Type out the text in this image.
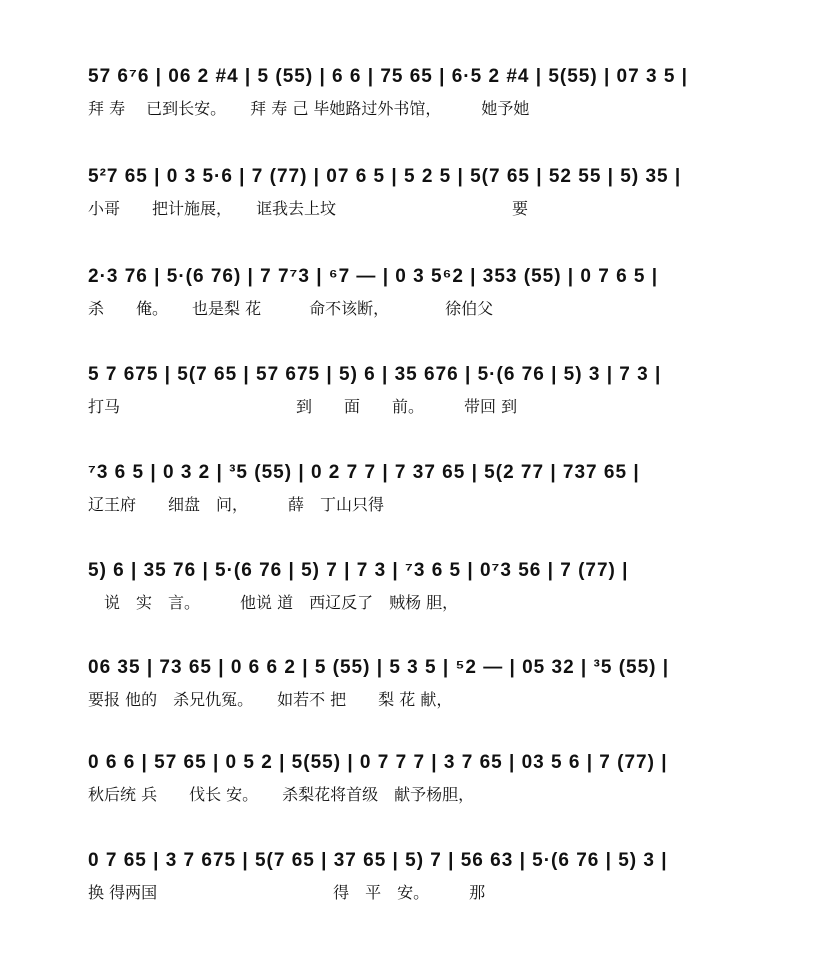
57 6⁷6 | 06 2 #4 | 5 (55) | 6 6 | 75 65 | 6·5 2 #4 | 5(55) | 07 3 5 |
拜 寿 　已到长安。　　拜 寿 己 毕她路过外书馆，　　　她予她
5²7 65 | 0 3 5·6 | 7 (77) | 07 6 5 | 5 2 5 | 5(7 65 | 52 55 | 5) 35 |
小哥　　把计施展，　　诓我去上坟　　　　　　　　　　　要
2·3 76 | 5·(6 76) | 7 7⁷3 | ⁶7 — | 0 3 5⁶2 | 353 (55) | 0 7 6 5 |
杀　　俺。　　也是梨 花　　　命不该断，　　　　徐伯父
5 7 675 | 5(7 65 | 57 675 | 5) 6 | 35 676 | 5·(6 76 | 5) 3 | 7 3 |
打马　　　　　　　　　　　到　　面　　前。　　　带回 到
⁷3 6 5 | 0 3 2 | ³5 (55) | 0 2 7 7 | 7 37 65 | 5(2 77 | 737 65 |
辽王府　　细盘　问，　　　薛　丁山只得
5) 6 | 35 76 | 5·(6 76 | 5) 7 | 7 3 | ⁷3 6 5 | 0⁷3 56 | 7 (77) |
　说　实　言。　　　他说 道　西辽反了　贼杨 胆，
06 35 | 73 65 | 0 6 6 2 | 5 (55) | 5 3 5 | ⁵2 — | 05 32 | ³5 (55) |
要报 他的　杀兄仇冤。　　如若不 把　　梨 花 献，
0 6 6 | 57 65 | 0 5 2 | 5(55) | 0 7 7 7 | 3 7 65 | 03 5 6 | 7 (77) |
秋后统 兵　　伐长 安。　　杀梨花将首级　献予杨胆，
0 7 65 | 3 7 675 | 5(7 65 | 37 65 | 5) 7 | 56 63 | 5·(6 76 | 5) 3 |
换 得两国　　　　　　　　　　　得　平　安。　　　那
